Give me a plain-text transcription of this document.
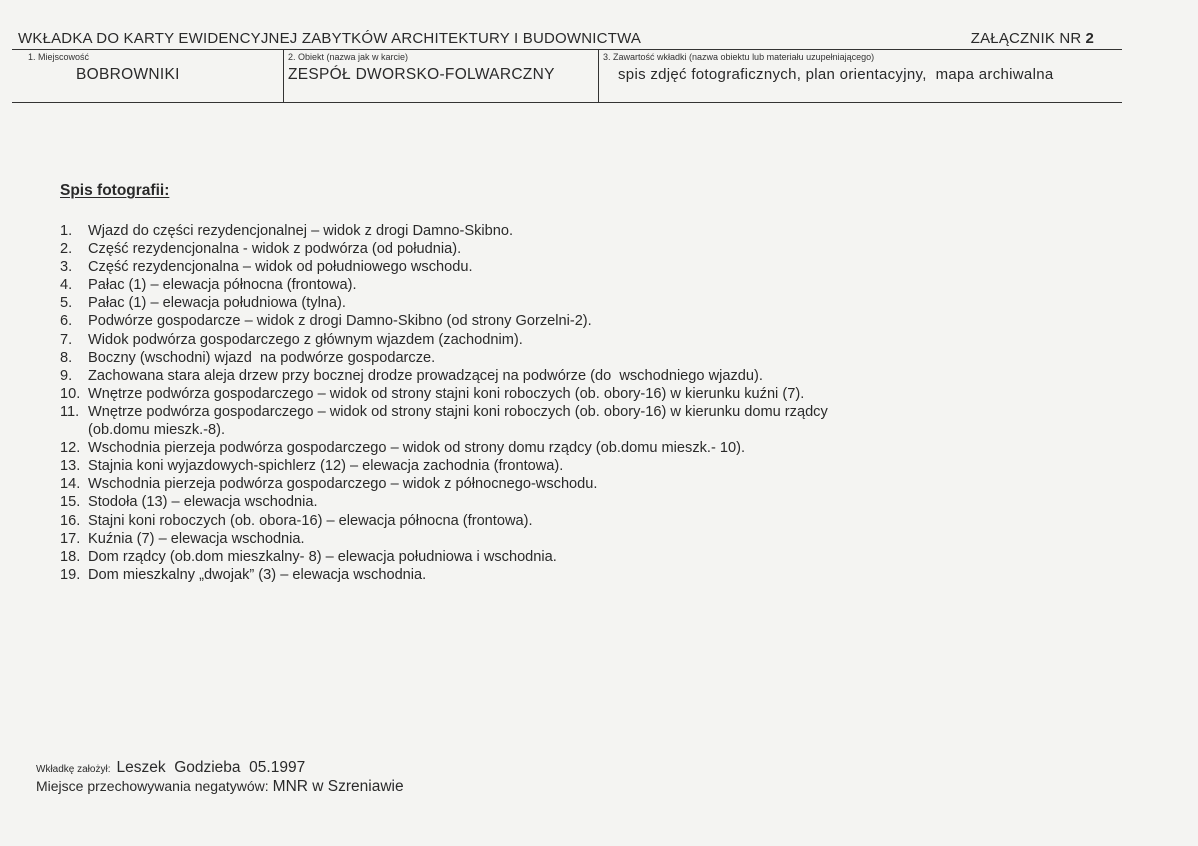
WKŁADKA DO KARTY EWIDENCYJNEJ ZABYTKÓW ARCHITEKTURY I BUDOWNICTWA	ZAŁĄCZNIK NR 2
1. Miejscowość
BOBROWNIKI
2. Obiekt (nazwa jak w karcie)
ZESPÓŁ DWORSKO-FOLWARCZNY
3. Zawartość wkładki (nazwa obiektu lub materiału uzupełniającego)
spis zdjęć fotograficznych, plan orientacyjny,  mapa archiwalna
Spis fotografii:
1.	Wjazd do części rezydencjonalnej – widok z drogi Damno-Skibno.
2.	Część rezydencjonalna - widok z podwórza (od południa).
3.	Część rezydencjonalna – widok od południowego wschodu.
4.	Pałac (1) – elewacja północna (frontowa).
5.	Pałac (1) – elewacja południowa (tylna).
6.	Podwórze gospodarcze – widok z drogi Damno-Skibno (od strony Gorzelni-2).
7.	Widok podwórza gospodarczego z głównym wjazdem (zachodnim).
8.	Boczny (wschodni) wjazd  na podwórze gospodarcze.
9.	Zachowana stara aleja drzew przy bocznej drodze prowadzącej na podwórze (do  wschodniego wjazdu).
10. Wnętrze podwórza gospodarczego – widok od strony stajni koni roboczych (ob. obory-16) w kierunku kuźni (7).
11. Wnętrze podwórza gospodarczego – widok od strony stajni koni roboczych (ob. obory-16) w kierunku domu rządcy
(ob.domu mieszk.-8).
12. Wschodnia pierzeja podwórza gospodarczego – widok od strony domu rządcy (ob.domu mieszk.- 10).
13. Stajnia koni wyjazdowych-spichlerz (12) – elewacja zachodnia (frontowa).
14. Wschodnia pierzeja podwórza gospodarczego – widok z północnego-wschodu.
15. Stodoła (13) – elewacja wschodnia.
16. Stajni koni roboczych (ob. obora-16) – elewacja północna (frontowa).
17. Kuźnia (7) – elewacja wschodnia.
18. Dom rządcy (ob.dom mieszkalny- 8) – elewacja południowa i wschodnia.
19. Dom mieszkalny „dwojak” (3) – elewacja wschodnia.
Wkładkę założył: Leszek  Godzieba  05.1997
Miejsce przechowywania negatywów: MNR w Szreniawie
